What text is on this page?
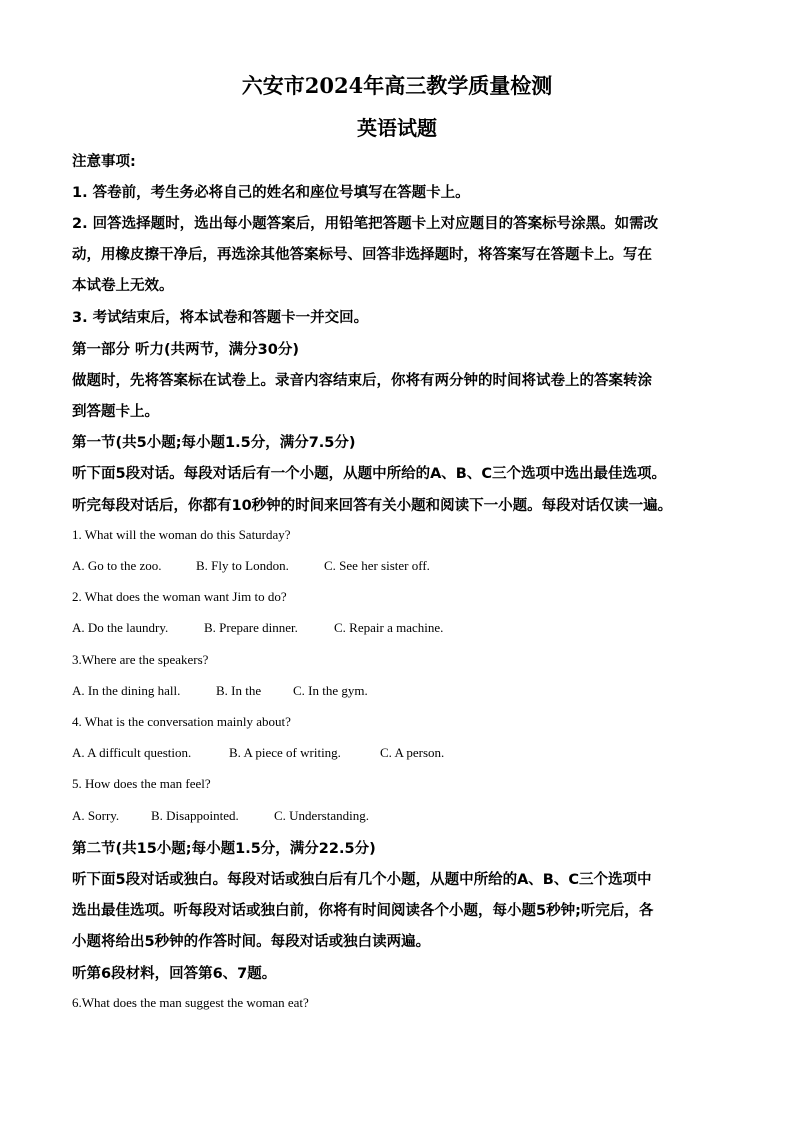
六安市2024年高三教学质量检测
英语试题
注意事项:
1. 答卷前，考生务必将自己的姓名和座位号填写在答题卡上。
2. 回答选择题时，选出每小题答案后，用铅笔把答题卡上对应题目的答案标号涂黑。如需改
动，用橡皮擦干净后，再选涂其他答案标号、回答非选择题时，将答案写在答题卡上。写在
本试卷上无效。
3. 考试结束后，将本试卷和答题卡一并交回。
第一部分 听力(共两节，满分30分)
做题时，先将答案标在试卷上。录音内容结束后，你将有两分钟的时间将试卷上的答案转涂
到答题卡上。
第一节(共5小题;每小题1.5分，满分7.5分)
听下面5段对话。每段对话后有一个小题，从题中所给的A、B、C三个选项中选出最佳选项。
听完每段对话后，你都有10秒钟的时间来回答有关小题和阅读下一小题。每段对话仅读一遍。
1. What will the woman do this Saturday?
A. Go to the zoo.	B. Fly to London.	C. See her sister off.
2. What does the woman want Jim to do?
A. Do the laundry.	B. Prepare dinner.	C. Repair a machine.
3.Where are the speakers?
A. In the dining hall.	B. In the C. In the gym.
4. What is the conversation mainly about?
A. A difficult question.	B. A piece of writing.	C. A person.
5. How does the man feel?
A. Sorry. B. Disappointed.	C. Understanding.
第二节(共15小题;每小题1.5分，满分22.5分)
听下面5段对话或独白。每段对话或独白后有几个小题，从题中所给的A、B、C三个选项中
选出最佳选项。听每段对话或独白前，你将有时间阅读各个小题，每小题5秒钟;听完后，各
小题将给出5秒钟的作答时间。每段对话或独白读两遍。
听第6段材料，回答第6、7题。
6.What does the man suggest the woman eat?
